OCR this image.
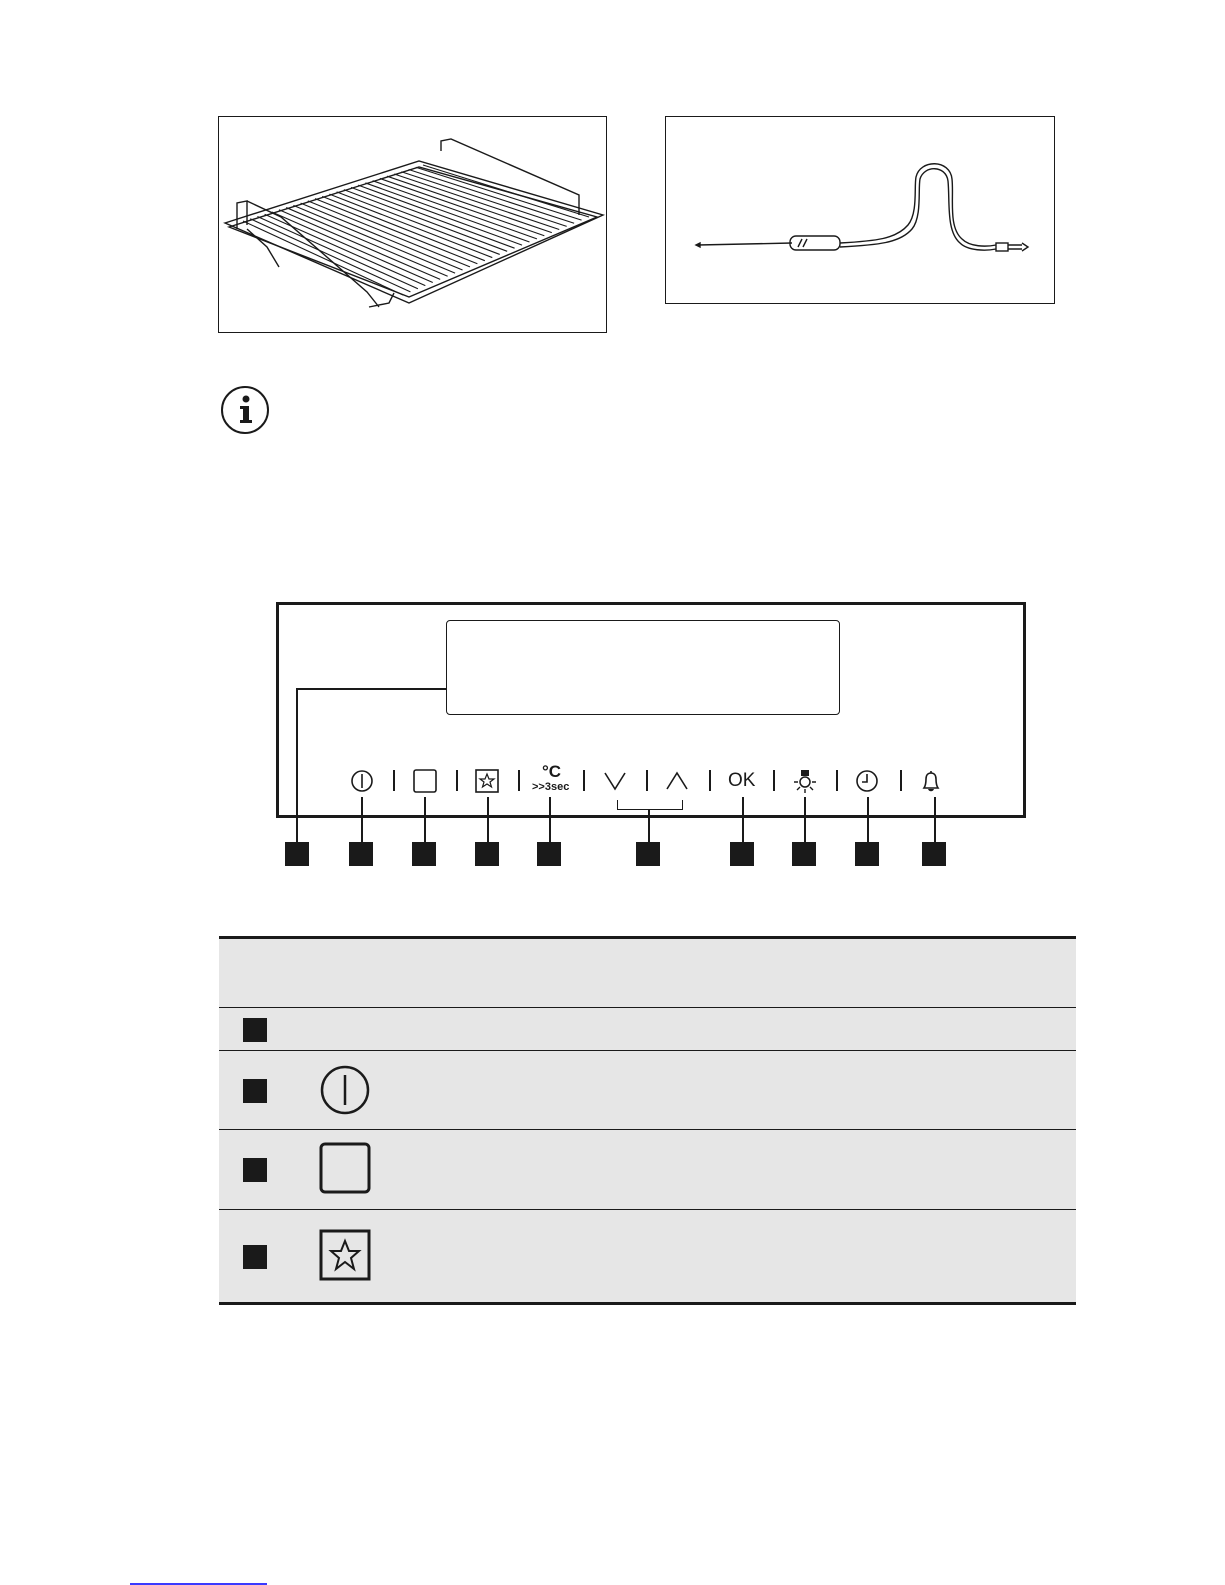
°C
>>3sec	OK
